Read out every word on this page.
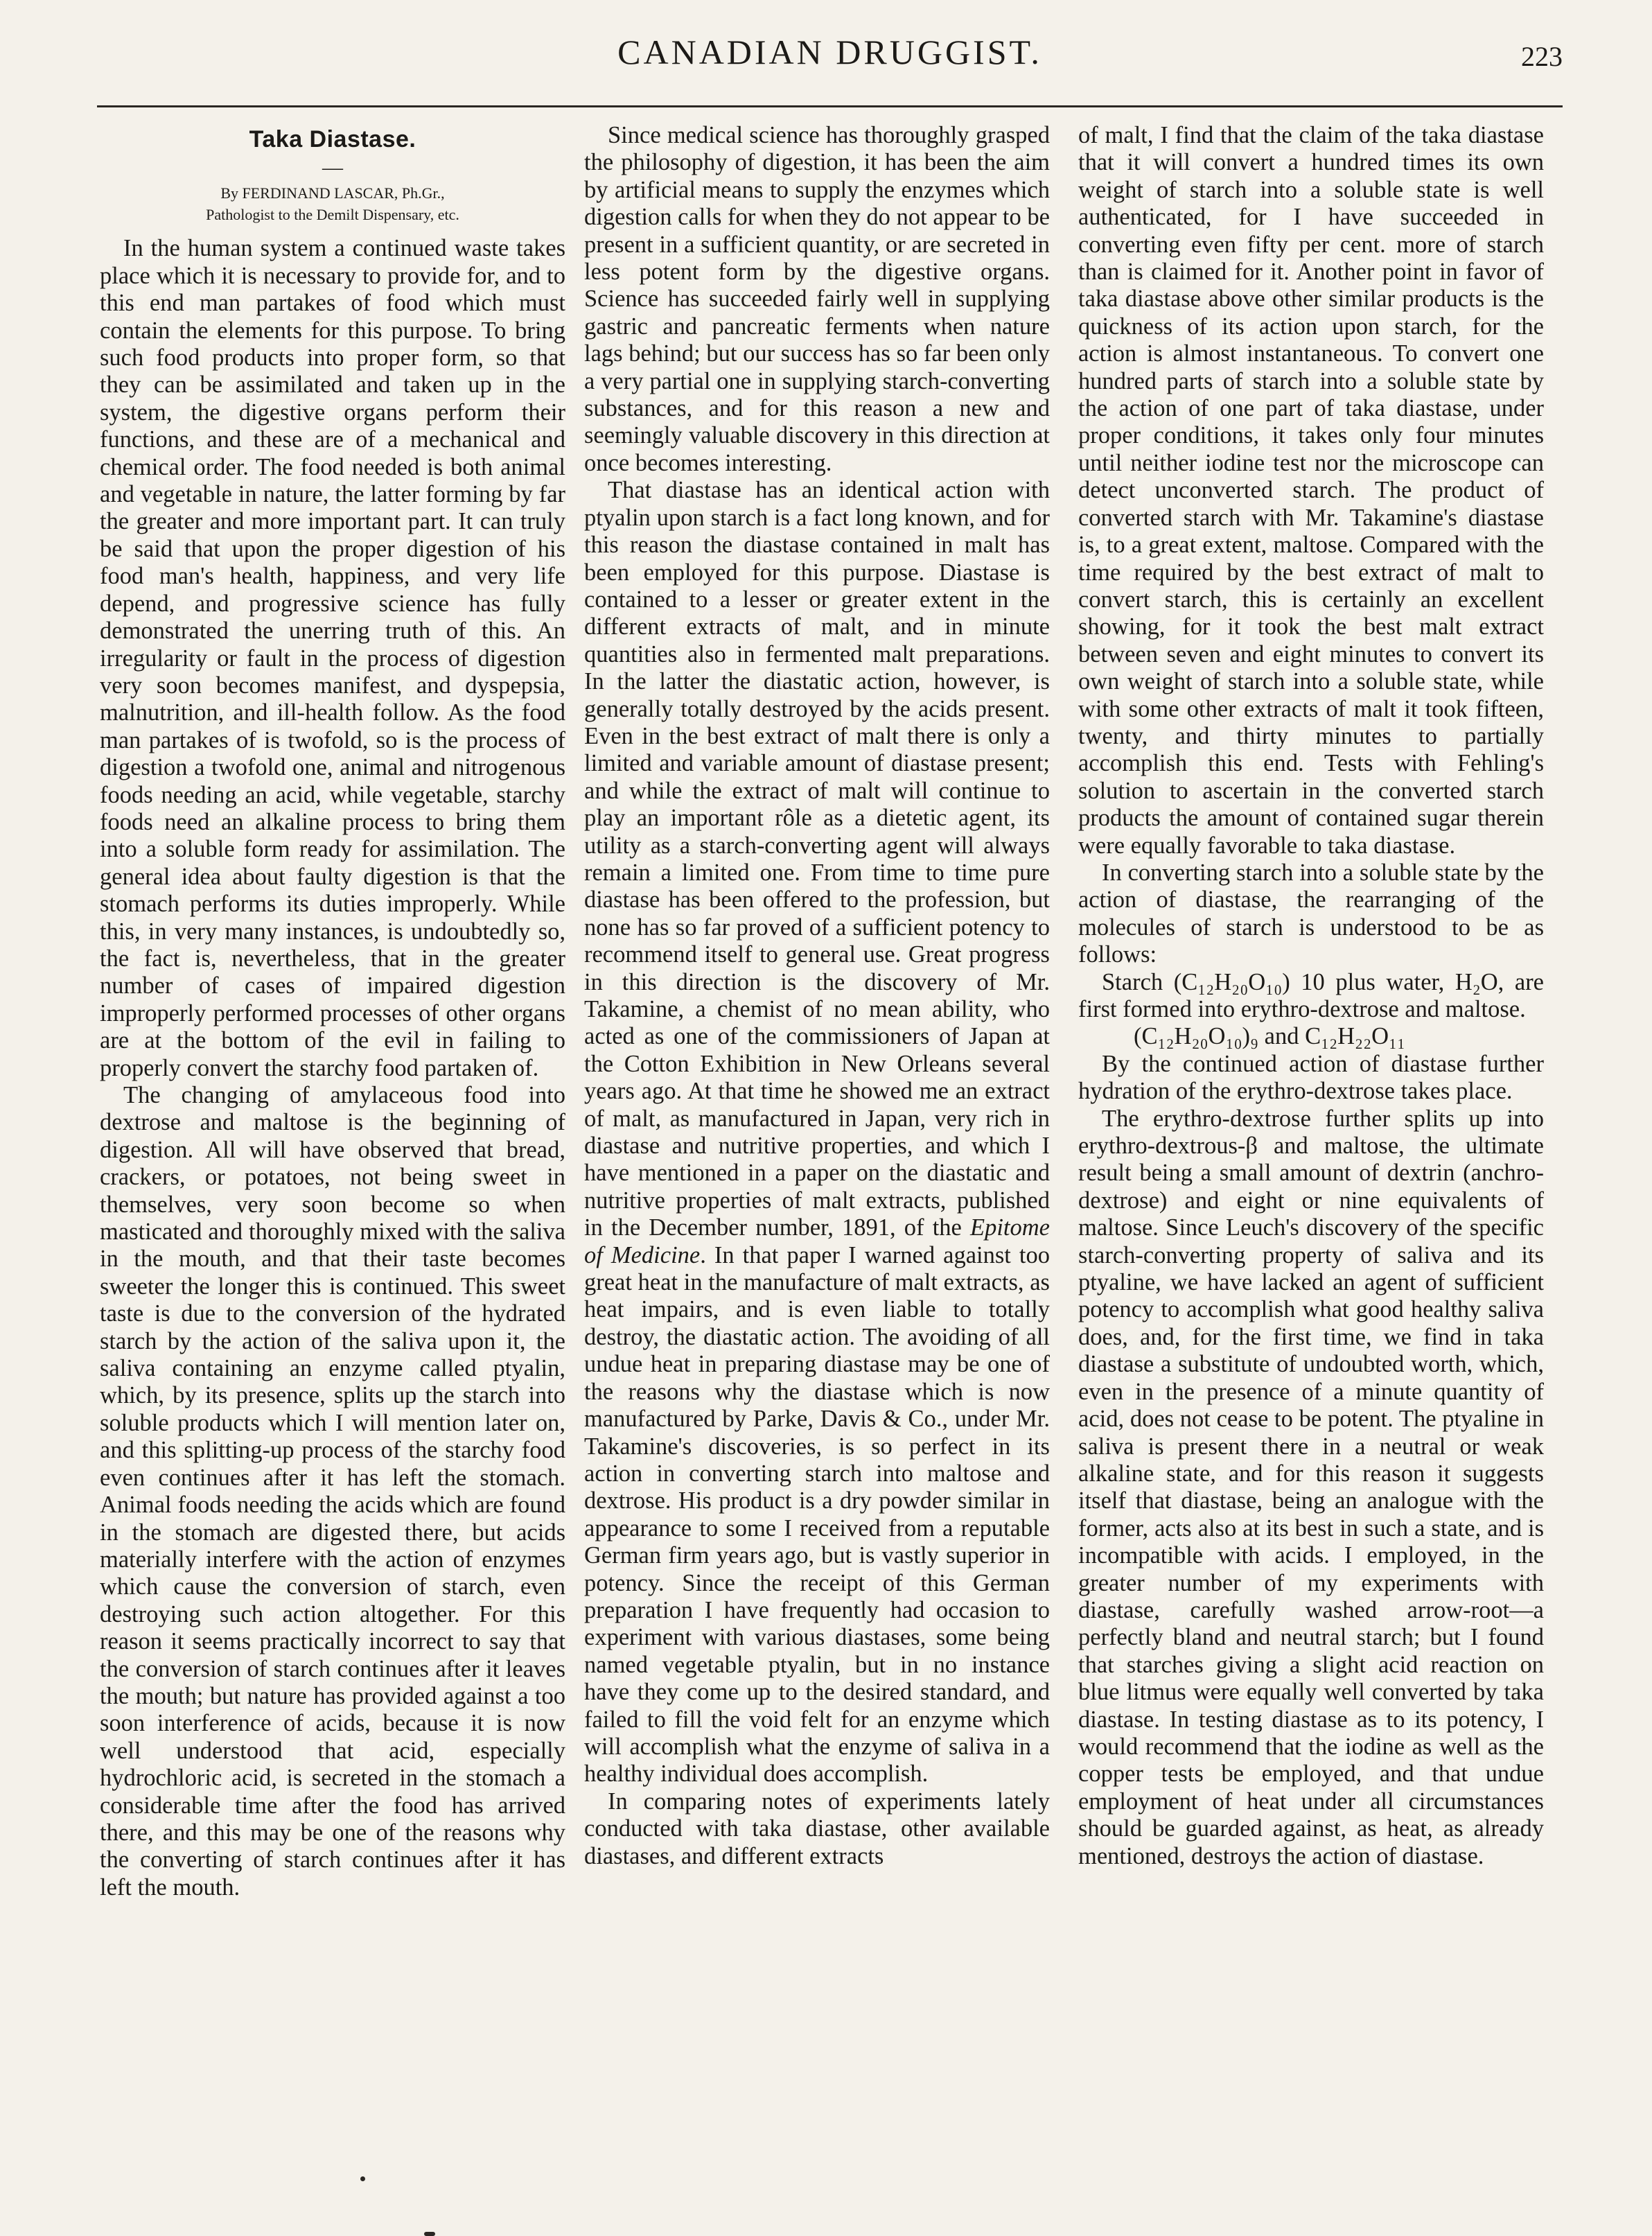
CANADIAN DRUGGIST.	223
Taka Diastase.
—
By FERDINAND LASCAR, Ph.Gr.,
Pathologist to the Demilt Dispensary, etc.

In the human system a continued waste takes place which it is necessary to provide for, and to this end man partakes of food which must contain the elements for this purpose. To bring such food products into proper form, so that they can be assimilated and taken up in the system, the digestive organs perform their functions, and these are of a mechanical and chemical order. The food needed is both animal and vegetable in nature, the latter forming by far the greater and more important part. It can truly be said that upon the proper digestion of his food man's health, happiness, and very life depend, and progressive science has fully demonstrated the unerring truth of this. An irregularity or fault in the process of digestion very soon becomes manifest, and dyspepsia, malnutrition, and ill-health follow. As the food man partakes of is twofold, so is the process of digestion a twofold one, animal and nitrogenous foods needing an acid, while vegetable, starchy foods need an alkaline process to bring them into a soluble form ready for assimilation. The general idea about faulty digestion is that the stomach performs its duties improperly. While this, in very many instances, is undoubtedly so, the fact is, nevertheless, that in the greater number of cases of impaired digestion improperly performed processes of other organs are at the bottom of the evil in failing to properly convert the starchy food partaken of.

The changing of amylaceous food into dextrose and maltose is the beginning of digestion. All will have observed that bread, crackers, or potatoes, not being sweet in themselves, very soon become so when masticated and thoroughly mixed with the saliva in the mouth, and that their taste becomes sweeter the longer this is continued. This sweet taste is due to the conversion of the hydrated starch by the action of the saliva upon it, the saliva containing an enzyme called ptyalin, which, by its presence, splits up the starch into soluble products which I will mention later on, and this splitting-up process of the starchy food even continues after it has left the stomach. Animal foods needing the acids which are found in the stomach are digested there, but acids materially interfere with the action of enzymes which cause the conversion of starch, even destroying such action altogether. For this reason it seems practically incorrect to say that the conversion of starch continues after it leaves the mouth; but nature has provided against a too soon interference of acids, because it is now well understood that acid, especially hydrochloric acid, is secreted in the stomach a considerable time after the food has arrived there, and this may be one of the reasons why the converting of starch continues after it has left the mouth.

Since medical science has thoroughly grasped the philosophy of digestion, it has been the aim by artificial means to supply the enzymes which digestion calls for when they do not appear to be present in a sufficient quantity, or are secreted in less potent form by the digestive organs. Science has succeeded fairly well in supplying gastric and pancreatic ferments when nature lags behind; but our success has so far been only a very partial one in supplying starch-converting substances, and for this reason a new and seemingly valuable discovery in this direction at once becomes interesting.

That diastase has an identical action with ptyalin upon starch is a fact long known, and for this reason the diastase contained in malt has been employed for this purpose. Diastase is contained to a lesser or greater extent in the different extracts of malt, and in minute quantities also in fermented malt preparations. In the latter the diastatic action, however, is generally totally destroyed by the acids present. Even in the best extract of malt there is only a limited and variable amount of diastase present; and while the extract of malt will continue to play an important rôle as a dietetic agent, its utility as a starch-converting agent will always remain a limited one. From time to time pure diastase has been offered to the profession, but none has so far proved of a sufficient potency to recommend itself to general use. Great progress in this direction is the discovery of Mr. Takamine, a chemist of no mean ability, who acted as one of the commissioners of Japan at the Cotton Exhibition in New Orleans several years ago. At that time he showed me an extract of malt, as manufactured in Japan, very rich in diastase and nutritive properties, and which I have mentioned in a paper on the diastatic and nutritive properties of malt extracts, published in the December number, 1891, of the Epitome of Medicine. In that paper I warned against too great heat in the manufacture of malt extracts, as heat impairs, and is even liable to totally destroy, the diastatic action. The avoiding of all undue heat in preparing diastase may be one of the reasons why the diastase which is now manufactured by Parke, Davis & Co., under Mr. Takamine's discoveries, is so perfect in its action in converting starch into maltose and dextrose. His product is a dry powder similar in appearance to some I received from a reputable German firm years ago, but is vastly superior in potency. Since the receipt of this German preparation I have frequently had occasion to experiment with various diastases, some being named vegetable ptyalin, but in no instance have they come up to the desired standard, and failed to fill the void felt for an enzyme which will accomplish what the enzyme of saliva in a healthy individual does accomplish.

In comparing notes of experiments lately conducted with taka diastase, other available diastases, and different extracts

of malt, I find that the claim of the taka diastase that it will convert a hundred times its own weight of starch into a soluble state is well authenticated, for I have succeeded in converting even fifty per cent. more of starch than is claimed for it. Another point in favor of taka diastase above other similar products is the quickness of its action upon starch, for the action is almost instantaneous. To convert one hundred parts of starch into a soluble state by the action of one part of taka diastase, under proper conditions, it takes only four minutes until neither iodine test nor the microscope can detect unconverted starch. The product of converted starch with Mr. Takamine's diastase is, to a great extent, maltose. Compared with the time required by the best extract of malt to convert starch, this is certainly an excellent showing, for it took the best malt extract between seven and eight minutes to convert its own weight of starch into a soluble state, while with some other extracts of malt it took fifteen, twenty, and thirty minutes to partially accomplish this end. Tests with Fehling's solution to ascertain in the converted starch products the amount of contained sugar therein were equally favorable to taka diastase.

In converting starch into a soluble state by the action of diastase, the rearranging of the molecules of starch is understood to be as follows:

Starch (C₁₂H₂₀O₁₀) 10 plus water, H₂O, are first formed into erythro-dextrose and maltose.

(C₁₂H₂₀O₁₀)₉ and C₁₂H₂₂O₁₁

By the continued action of diastase further hydration of the erythro-dextrose takes place.

The erythro-dextrose further splits up into erythro-dextrous-β and maltose, the ultimate result being a small amount of dextrin (anchro-dextrose) and eight or nine equivalents of maltose. Since Leuch's discovery of the specific starch-converting property of saliva and its ptyaline, we have lacked an agent of sufficient potency to accomplish what good healthy saliva does, and, for the first time, we find in taka diastase a substitute of undoubted worth, which, even in the presence of a minute quantity of acid, does not cease to be potent. The ptyaline in saliva is present there in a neutral or weak alkaline state, and for this reason it suggests itself that diastase, being an analogue with the former, acts also at its best in such a state, and is incompatible with acids. I employed, in the greater number of my experiments with diastase, carefully washed arrow-root—a perfectly bland and neutral starch; but I found that starches giving a slight acid reaction on blue litmus were equally well converted by taka diastase. In testing diastase as to its potency, I would recommend that the iodine as well as the copper tests be employed, and that undue employment of heat under all circumstances should be guarded against, as heat, as already mentioned, destroys the action of diastase.
